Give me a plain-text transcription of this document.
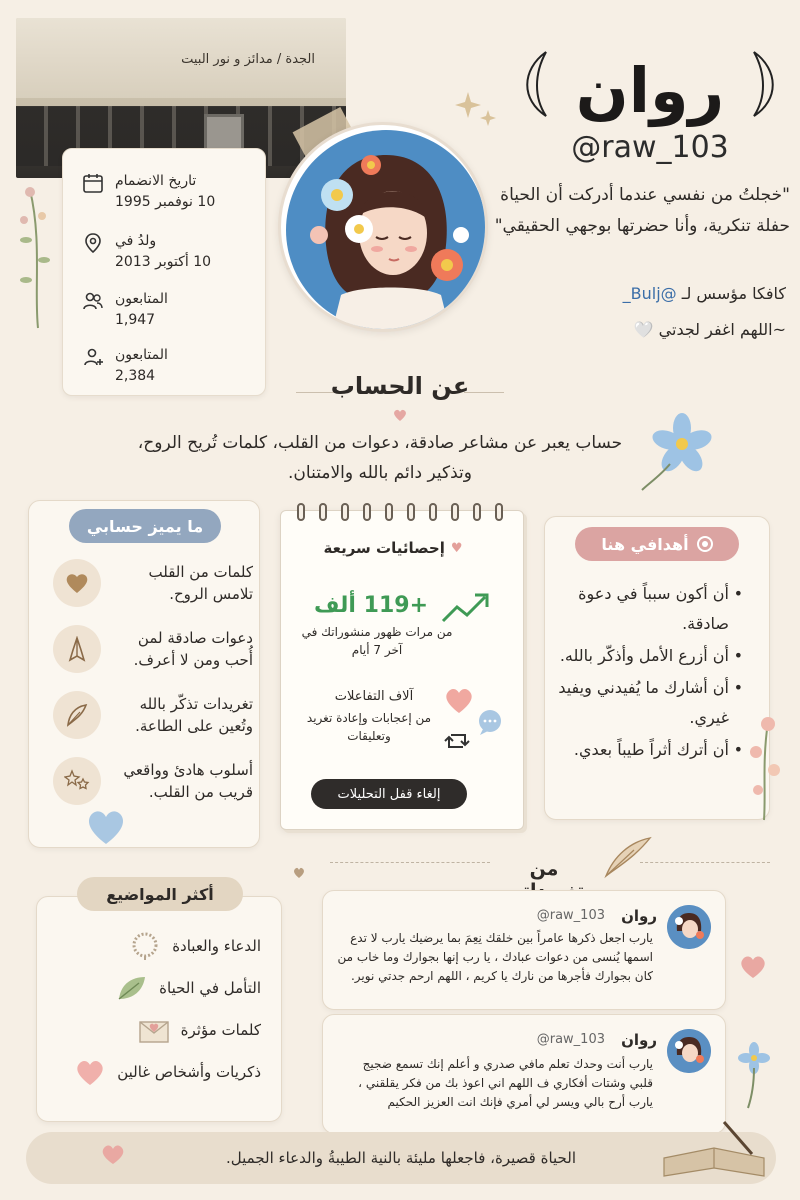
الجدة / مدائز و نور البيت
تاريخ الانضمام
10 نوفمبر 1995
ولدُ في
10 أكتوبر 2013
المتابعون
1,947
المتابعون
2,384
روان
@raw_103
"خجلتُ من نفسي عندما أدركت أن الحياة حفلة تنكرية، وأنا حضرتها بوجهي الحقيقي"
كافكا مؤسس لـ @Bulj_
~اللهم اغفر لجدتي 🤍
عن الحساب
حساب يعبر عن مشاعر صادقة، دعوات من القلب، كلمات تُريح الروح، وتذكير دائم بالله والامتنان.
ما يميز حسابي
كلمات من القلب تلامس الروح.
دعوات صادقة لمن أُحب ومن لا أعرف.
تغريدات تذكّر بالله وتُعين على الطاعة.
أسلوب هادئ وواقعي قريب من القلب.
♥
إحصائيات سريعة
+119 ألف
من مرات ظهور منشوراتك في آخر 7 أيام
آلاف التفاعلات
من إعجابات وإعادة تغريد وتعليقات
إلغاء قفل التحليلات
أهدافي هنا
• أن أكون سبباً في دعوة صادقة.
• أن أزرع الأمل وأذكّر بالله.
• أن أشارك ما يُفيدني ويفيد غيري.
• أن أترك أثراً طيباً بعدي.
من
أكثر المواضيع
الدعاء والعبادة
التأمل في الحياة
كلمات مؤثرة
ذكريات وأشخاص غالين
روان
@raw_103
يارب اجعل ذكرها عامراً بين خلقك نِعِمَ بما يرضيك يارب لا تدع اسمها يُنسى من دعوات عبادك ، يا رب إنها بجوارك وما خاب من كان بجوارك فأجرها من نارك يا كريم ، اللهم ارحم جدتي نوير.
روان
@raw_103
يارب أنت وحدك تعلم مافي صدري و أعلم إنك تسمع ضجيج قلبي وشتات أفكاري ف اللهم اني اعوذ بك من فكر يقلقني ، يارب أرح بالي ويسر لي أمري فإنك انت العزيز الحكيم
الحياة قصيرة، فاجعلها مليئة بالنية الطيبةُ والدعاء الجميل.
